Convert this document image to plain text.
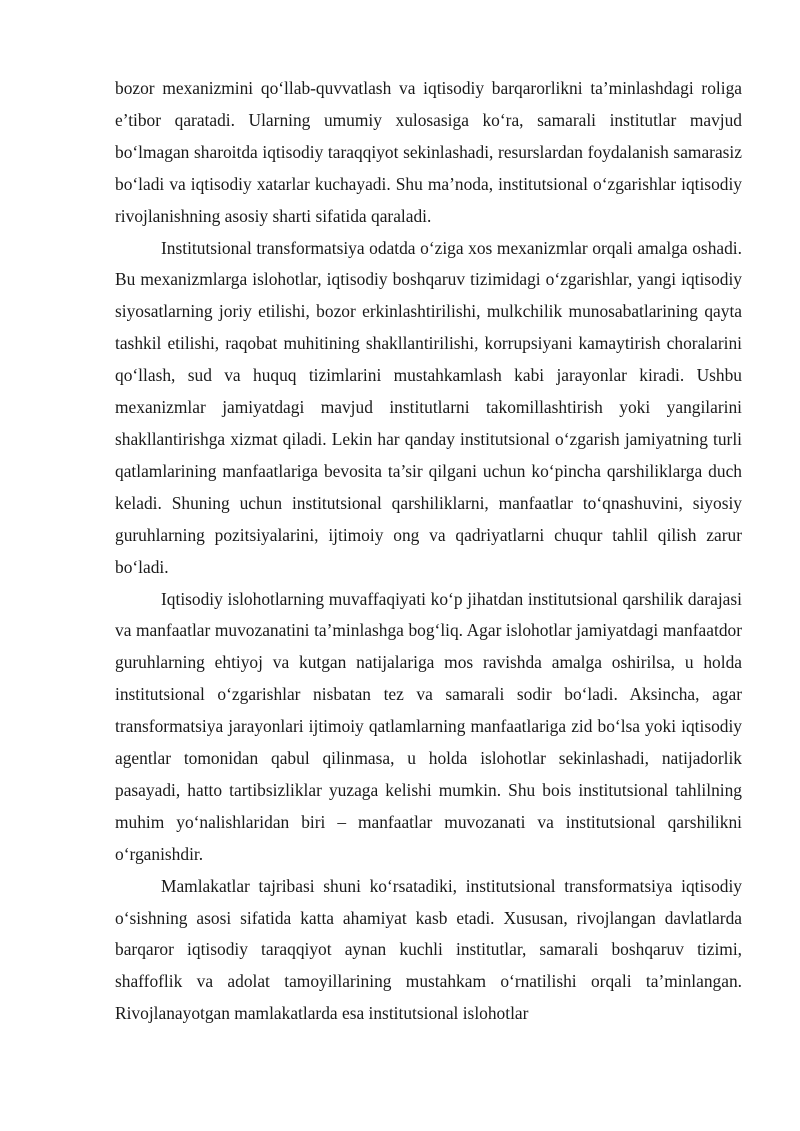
bozor mexanizmini qo‘llab-quvvatlash va iqtisodiy barqarorlikni ta’minlashdagi roliga e’tibor qaratadi. Ularning umumiy xulosasiga ko‘ra, samarali institutlar mavjud bo‘lmagan sharoitda iqtisodiy taraqqiyot sekinlashadi, resurslardan foydalanish samarasiz bo‘ladi va iqtisodiy xatarlar kuchayadi. Shu ma’noda, institutsional o‘zgarishlar iqtisodiy rivojlanishning asosiy sharti sifatida qaraladi.

Institutsional transformatsiya odatda o‘ziga xos mexanizmlar orqali amalga oshadi. Bu mexanizmlarga islohotlar, iqtisodiy boshqaruv tizimidagi o‘zgarishlar, yangi iqtisodiy siyosatlarning joriy etilishi, bozor erkinlashtirilishi, mulkchilik munosabatlarining qayta tashkil etilishi, raqobat muhitining shakllantirilishi, korrupsiyani kamaytirish choralarini qo‘llash, sud va huquq tizimlarini mustahkamlash kabi jarayonlar kiradi. Ushbu mexanizmlar jamiyatdagi mavjud institutlarni takomillashtirish yoki yangilarini shakllantirishga xizmat qiladi. Lekin har qanday institutsional o‘zgarish jamiyatning turli qatlamlarining manfaatlariga bevosita ta’sir qilgani uchun ko‘pincha qarshiliklarga duch keladi. Shuning uchun institutsional qarshiliklarni, manfaatlar to‘qnashuvini, siyosiy guruhlarning pozitsiyalarini, ijtimoiy ong va qadriyatlarni chuqur tahlil qilish zarur bo‘ladi.

Iqtisodiy islohotlarning muvaffaqiyati ko‘p jihatdan institutsional qarshilik darajasi va manfaatlar muvozanatini ta’minlashga bog‘liq. Agar islohotlar jamiyatdagi manfaatdor guruhlarning ehtiyoj va kutgan natijalariga mos ravishda amalga oshirilsa, u holda institutsional o‘zgarishlar nisbatan tez va samarali sodir bo‘ladi. Aksincha, agar transformatsiya jarayonlari ijtimoiy qatlamlarning manfaatlariga zid bo‘lsa yoki iqtisodiy agentlar tomonidan qabul qilinmasa, u holda islohotlar sekinlashadi, natijadorlik pasayadi, hatto tartibsizliklar yuzaga kelishi mumkin. Shu bois institutsional tahlilning muhim yo‘nalishlaridan biri – manfaatlar muvozanati va institutsional qarshilikni o‘rganishdir.

Mamlakatlar tajribasi shuni ko‘rsatadiki, institutsional transformatsiya iqtisodiy o‘sishning asosi sifatida katta ahamiyat kasb etadi. Xususan, rivojlangan davlatlarda barqaror iqtisodiy taraqqiyot aynan kuchli institutlar, samarali boshqaruv tizimi, shaffoflik va adolat tamoyillarining mustahkam o‘rnatilishi orqali ta’minlangan. Rivojlanayotgan mamlakatlarda esa institutsional islohotlar
